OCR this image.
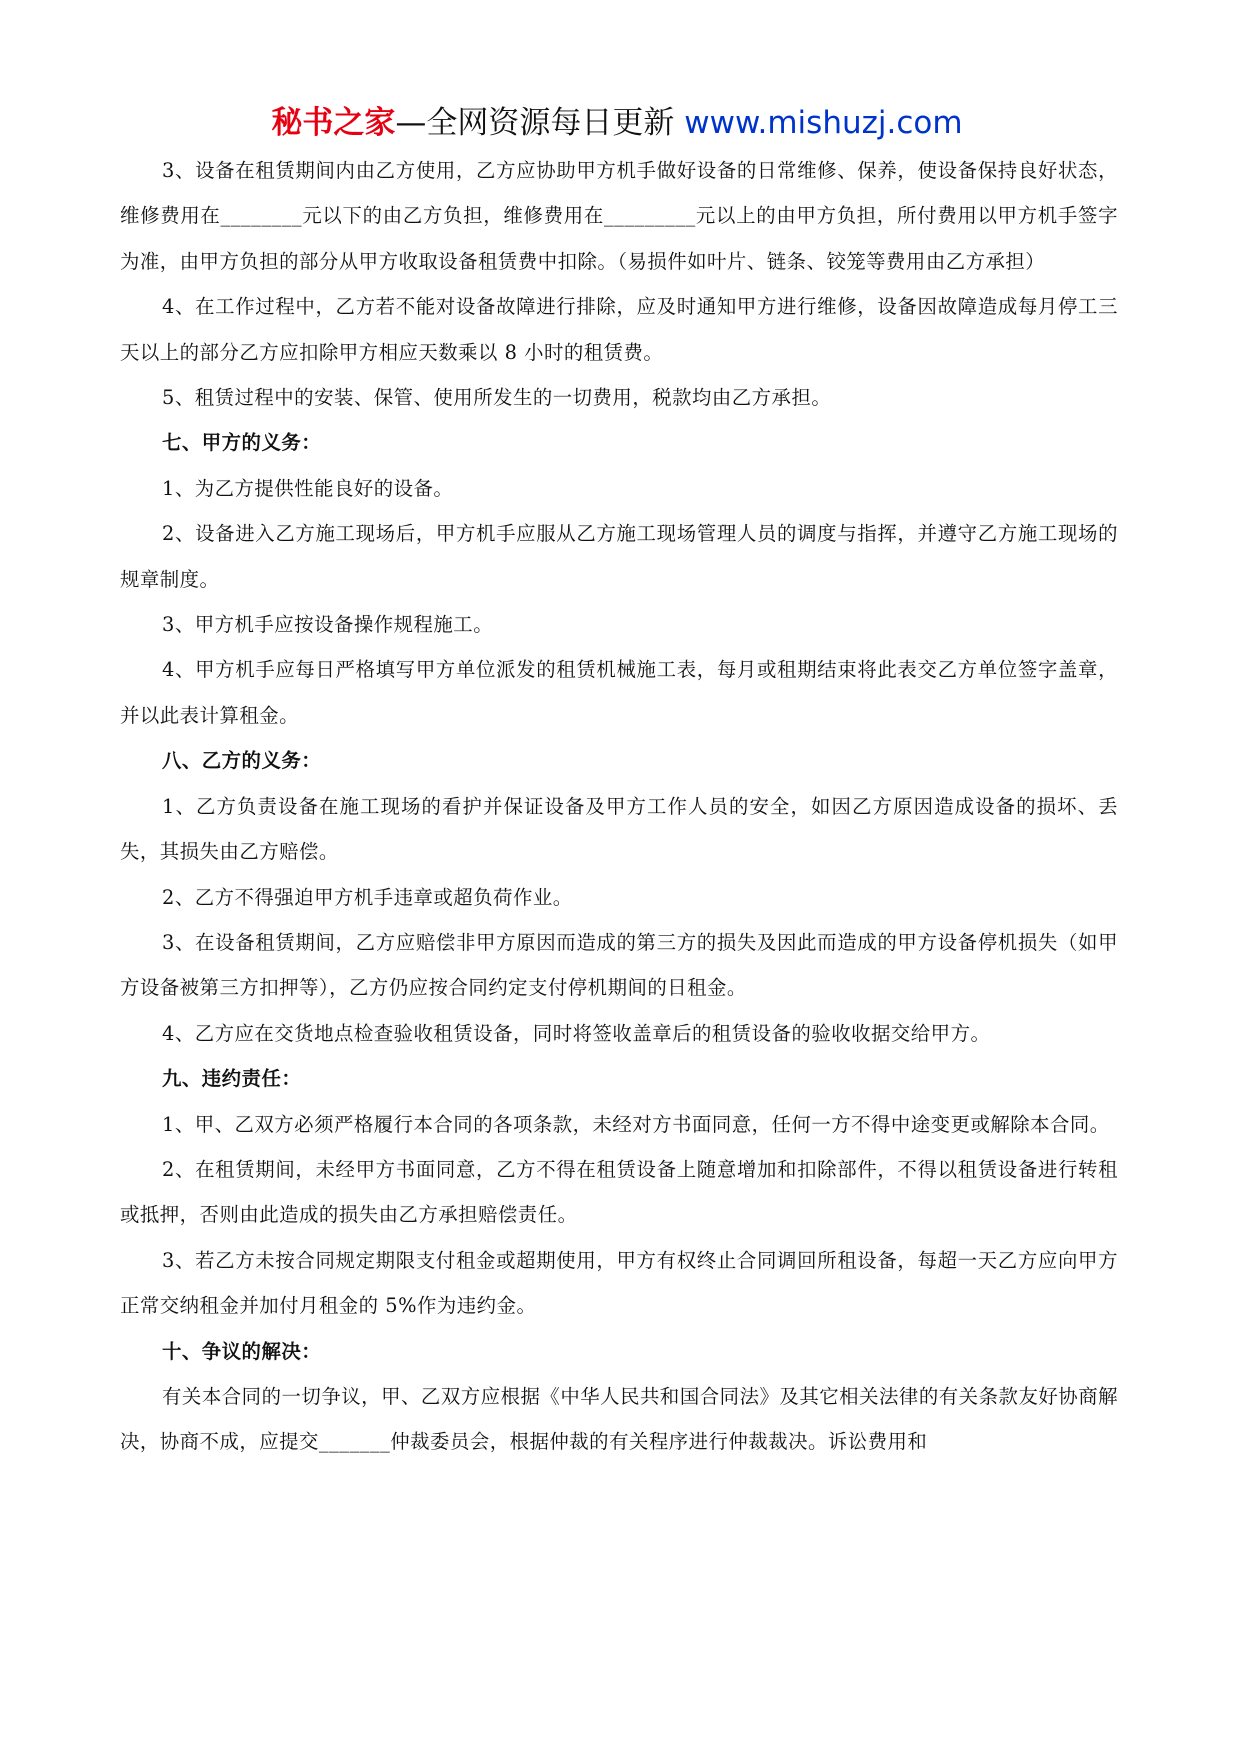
秘书之家—全网资源每日更新 www.mishuzj.com

3、设备在租赁期间内由乙方使用，乙方应协助甲方机手做好设备的日常维修、保养，使设备保持良好状态，维修费用在________元以下的由乙方负担，维修费用在_________元以上的由甲方负担，所付费用以甲方机手签字为准，由甲方负担的部分从甲方收取设备租赁费中扣除。（易损件如叶片、链条、铰笼等费用由乙方承担）

4、在工作过程中，乙方若不能对设备故障进行排除，应及时通知甲方进行维修，设备因故障造成每月停工三天以上的部分乙方应扣除甲方相应天数乘以 8 小时的租赁费。

5、租赁过程中的安装、保管、使用所发生的一切费用，税款均由乙方承担。

七、甲方的义务：

1、为乙方提供性能良好的设备。

2、设备进入乙方施工现场后，甲方机手应服从乙方施工现场管理人员的调度与指挥，并遵守乙方施工现场的规章制度。

3、甲方机手应按设备操作规程施工。

4、甲方机手应每日严格填写甲方单位派发的租赁机械施工表，每月或租期结束将此表交乙方单位签字盖章，并以此表计算租金。

八、乙方的义务：

1、乙方负责设备在施工现场的看护并保证设备及甲方工作人员的安全，如因乙方原因造成设备的损坏、丢失，其损失由乙方赔偿。

2、乙方不得强迫甲方机手违章或超负荷作业。

3、在设备租赁期间，乙方应赔偿非甲方原因而造成的第三方的损失及因此而造成的甲方设备停机损失（如甲方设备被第三方扣押等），乙方仍应按合同约定支付停机期间的日租金。

4、乙方应在交货地点检查验收租赁设备，同时将签收盖章后的租赁设备的验收收据交给甲方。

九、违约责任：

1、甲、乙双方必须严格履行本合同的各项条款，未经对方书面同意，任何一方不得中途变更或解除本合同。

2、在租赁期间，未经甲方书面同意，乙方不得在租赁设备上随意增加和扣除部件，不得以租赁设备进行转租或抵押，否则由此造成的损失由乙方承担赔偿责任。

3、若乙方未按合同规定期限支付租金或超期使用，甲方有权终止合同调回所租设备，每超一天乙方应向甲方正常交纳租金并加付月租金的 5%作为违约金。

十、争议的解决：

有关本合同的一切争议，甲、乙双方应根据《中华人民共和国合同法》及其它相关法律的有关条款友好协商解决，协商不成，应提交_______仲裁委员会，根据仲裁的有关程序进行仲裁裁决。诉讼费用和
